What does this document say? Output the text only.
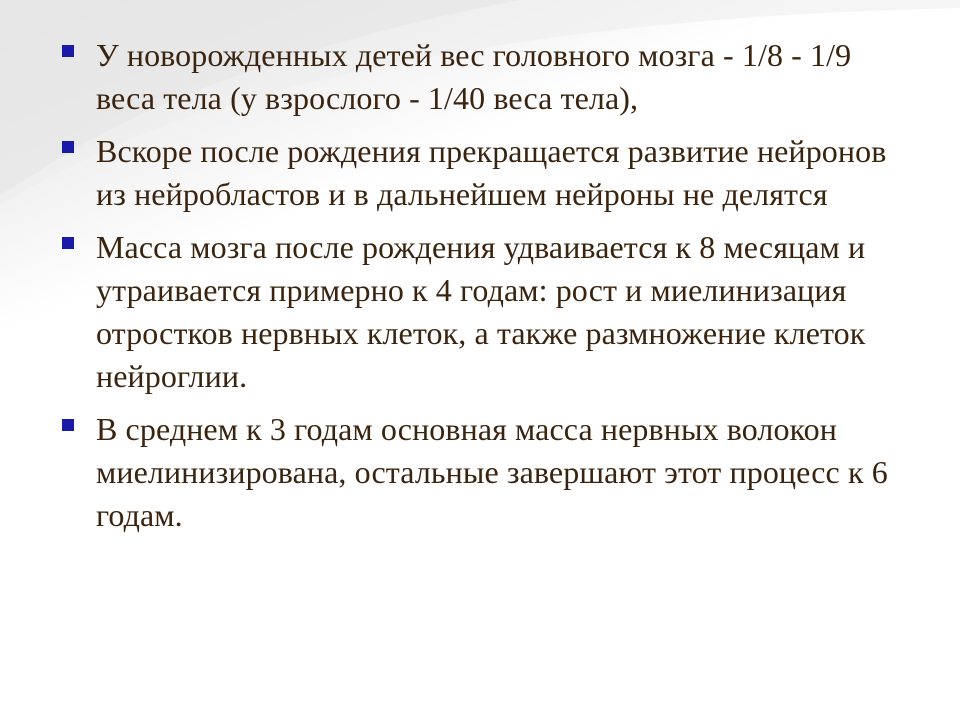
У новорожденных детей вес головного мозга - 1/8 - 1/9 веса тела (у взрослого - 1/40 веса тела),
Вскоре после рождения прекращается развитие нейронов из нейробластов и в дальнейшем нейроны не делятся
Масса мозга после рождения удваивается к 8 месяцам и утраивается примерно к 4 годам: рост и миелинизация отростков нервных клеток, а также размножение клеток нейроглии.
В среднем к 3 годам основная масса нервных волокон миелинизирована, остальные завершают этот процесс к 6 годам.
